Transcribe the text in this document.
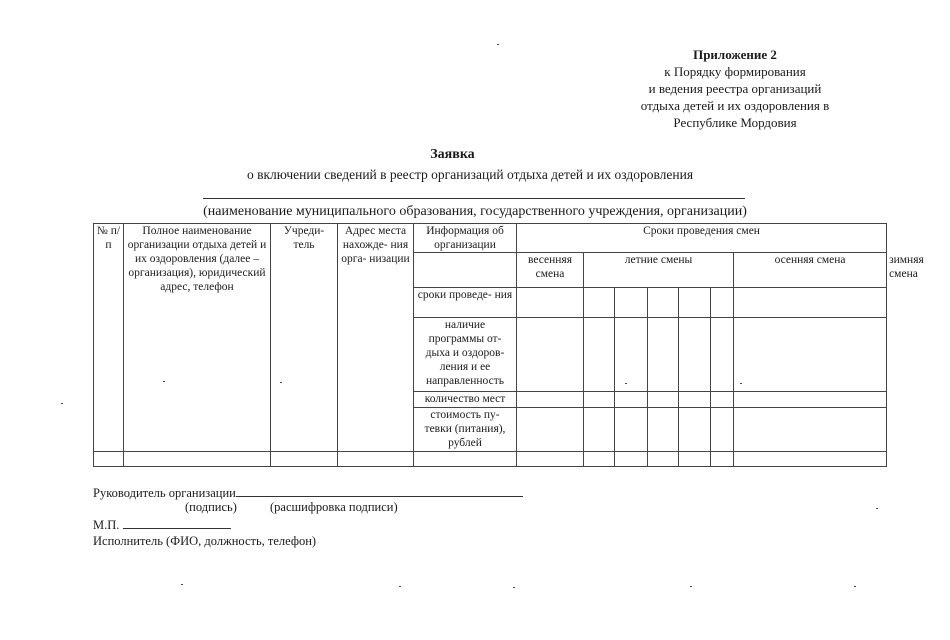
Приложение 2
к Порядку формирования
и ведения реестра организаций
отдыха детей и их оздоровления в
Республике Мордовия
Заявка
о включении сведений в реестр организаций отдыха детей и их оздоровления
(наименование муниципального образования, государственного учреждения, организации)
№ п/п	Полное наименование организации отдыха детей и их оздоровления (далее – организация), юридический адрес, телефон	Учреди- тель	Адрес места нахожде- ния орга- низации	Информация об организации	Сроки проведения смен							
					весенняя смена	летние смены					осенняя смена	зимняя смена
				сроки проведе- ния								
				наличие программы от- дыха и оздоров- ления и ее направленность								
				количество мест								
				стоимость пу- тевки (питания), рублей								

Руководитель организации
(подпись)	(расшифровка подписи)
М.П.
Исполнитель (ФИО, должность, телефон)
